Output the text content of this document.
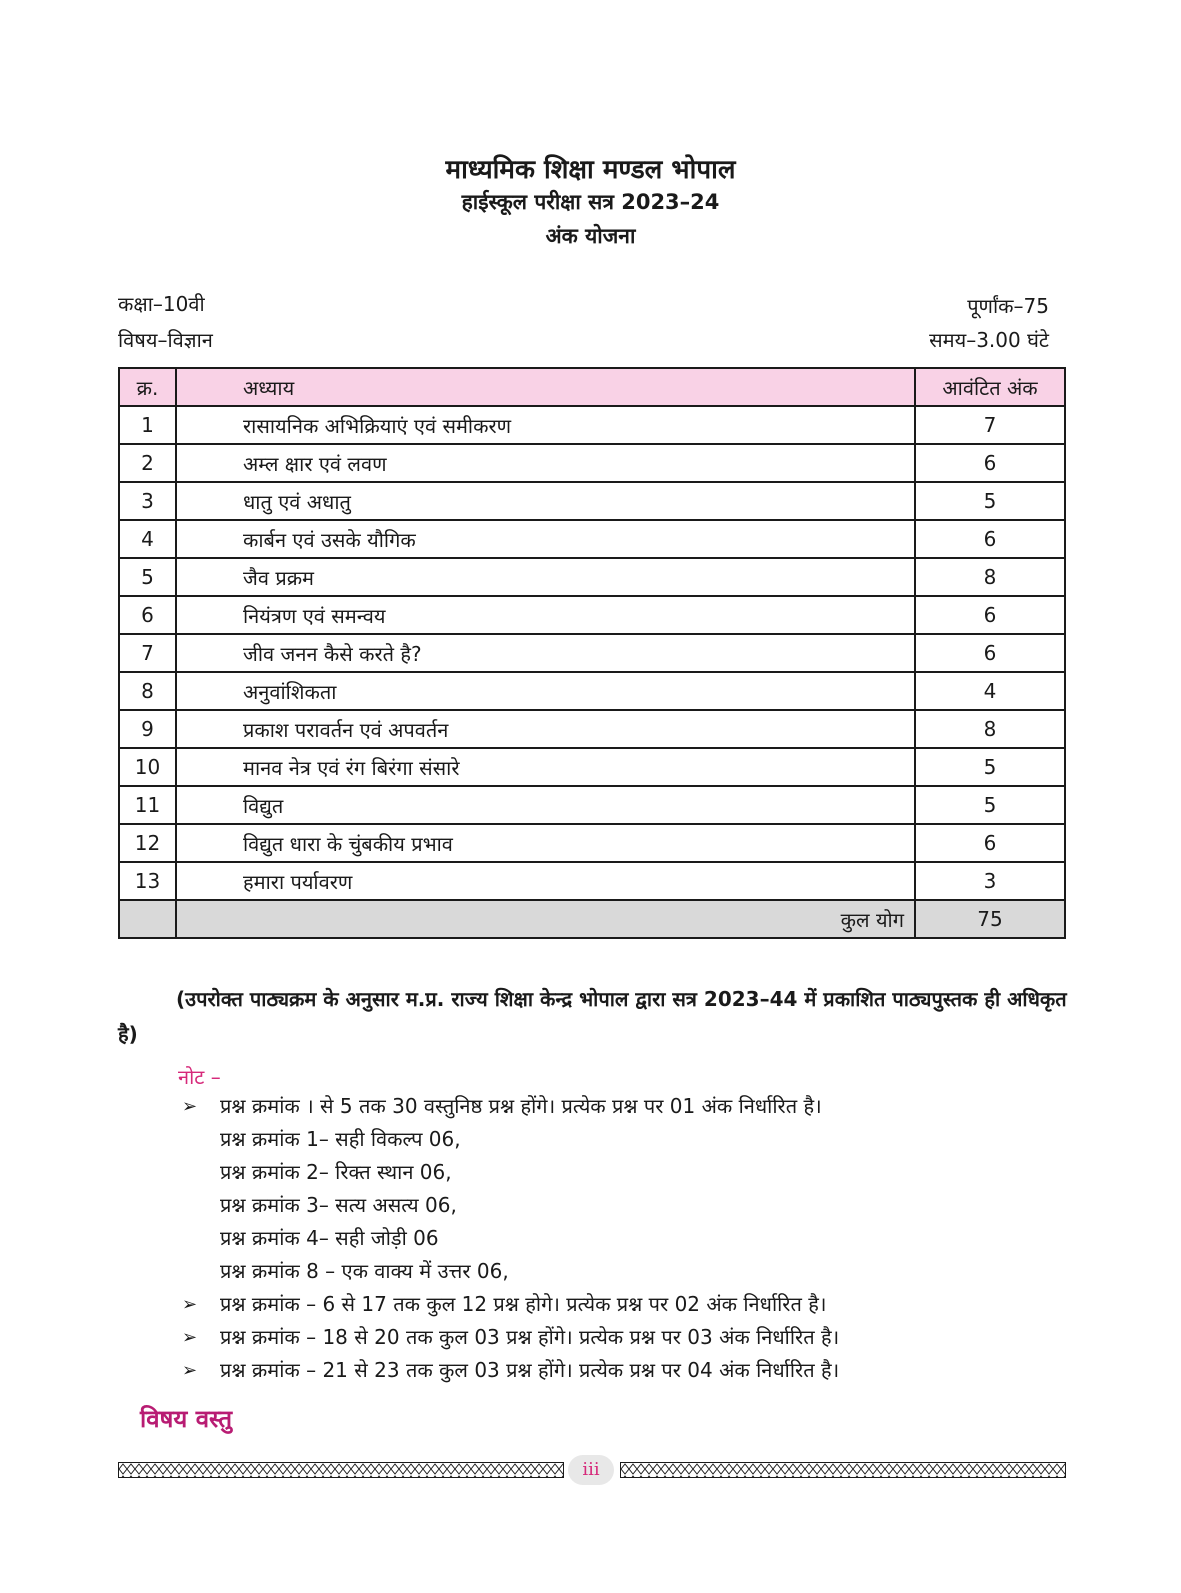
माध्यमिक शिक्षा मण्डल भोपाल
हाईस्कूल परीक्षा सत्र 2023–24
अंक योजना
कक्षा–10वी
विषय–विज्ञान
पूर्णांक–75
समय–3.00 घंटे
क्र.	अध्याय	आवंटित अंक
1	रासायनिक अभिक्रियाएं एवं समीकरण	7
2	अम्ल क्षार एवं लवण	6
3	धातु एवं अधातु	5
4	कार्बन एवं उसके यौगिक	6
5	जैव प्रक्रम	8
6	नियंत्रण एवं समन्वय	6
7	जीव जनन कैसे करते है?	6
8	अनुवांशिकता	4
9	प्रकाश परावर्तन एवं अपवर्तन	8
10	मानव नेत्र एवं रंग बिरंगा संसारे	5
11	विद्युत	5
12	विद्युत धारा के चुंबकीय प्रभाव	6
13	हमारा पर्यावरण	3
	कुल योग	75
(उपरोक्त पाठ्यक्रम के अनुसार म.प्र. राज्य शिक्षा केन्द्र भोपाल द्वारा सत्र 2023–44 में प्रकाशित पाठ्यपुस्तक ही अधिकृत है)
नोट –
➢ प्रश्न क्रमांक । से 5 तक 30 वस्तुनिष्ठ प्रश्न होंगे। प्रत्येक प्रश्न पर 01 अंक निर्धारित है।
प्रश्न क्रमांक 1– सही विकल्प 06,
प्रश्न क्रमांक 2– रिक्त स्थान 06,
प्रश्न क्रमांक 3– सत्य असत्य 06,
प्रश्न क्रमांक 4– सही जोड़ी 06
प्रश्न क्रमांक 8 – एक वाक्य में उत्तर 06,
➢ प्रश्न क्रमांक – 6 से 17 तक कुल 12 प्रश्न होगे। प्रत्येक प्रश्न पर 02 अंक निर्धारित है।
➢ प्रश्न क्रमांक – 18 से 20 तक कुल 03 प्रश्न होंगे। प्रत्येक प्रश्न पर 03 अंक निर्धारित है।
➢ प्रश्न क्रमांक – 21 से 23 तक कुल 03 प्रश्न होंगे। प्रत्येक प्रश्न पर 04 अंक निर्धारित है।
विषय वस्तु
iii
